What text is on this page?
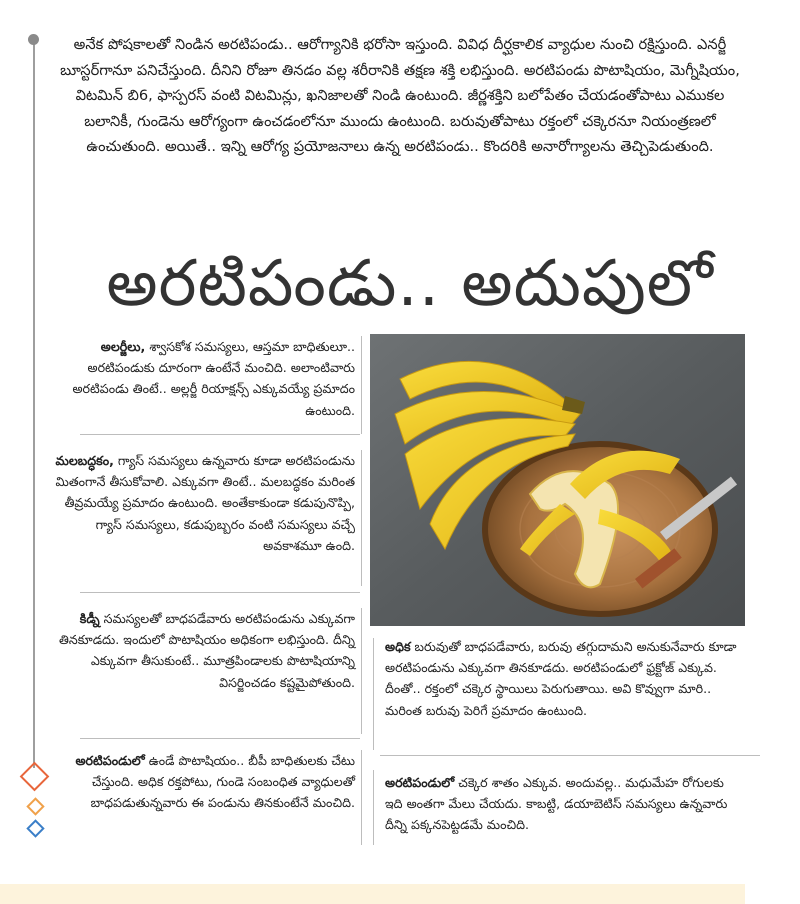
అనేక పోషకాలతో నిండిన అరటిపండు.. ఆరోగ్యానికి భరోసా ఇస్తుంది. వివిధ దీర్ఘకాలిక వ్యాధుల నుంచి రక్షిస్తుంది. ఎనర్జీ బూస్టర్‌గానూ పనిచేస్తుంది. దీనిని రోజూ తినడం వల్ల శరీరానికి తక్షణ శక్తి లభిస్తుంది. అరటిపండు పొటాషియం, మెగ్నీషియం, విటమిన్ బి6, ఫాస్పరస్ వంటి విటమిన్లు, ఖనిజాలతో నిండి ఉంటుంది. జీర్ణశక్తిని బలోపేతం చేయడంతోపాటు ఎముకల బలానికీ, గుండెను ఆరోగ్యంగా ఉంచడంలోనూ ముందు ఉంటుంది. బరువుతోపాటు రక్తంలో చక్కెరనూ నియంత్రణలో ఉంచుతుంది. అయితే.. ఇన్ని ఆరోగ్య ప్రయోజనాలు ఉన్న అరటిపండు.. కొందరికి అనారోగ్యాలను తెచ్చిపెడుతుంది.
అరటిపండు.. అదుపులో
అలర్జీలు, శ్వాసకోశ సమస్యలు, ఆస్తమా బాధితులూ.. అరటిపండుకు దూరంగా ఉంటేనే మంచిది. అలాంటివారు అరటిపండు తింటే.. అల్లర్జీ రియాక్షన్స్ ఎక్కువయ్యే ప్రమాదం ఉంటుంది.
మలబద్ధకం, గ్యాస్ సమస్యలు ఉన్నవారు కూడా అరటిపండును మితంగానే తీసుకోవాలి. ఎక్కువగా తింటే.. మలబద్ధకం మరింత తీవ్రమయ్యే ప్రమాదం ఉంటుంది. అంతేకాకుండా కడుపునొప్పి, గ్యాస్ సమస్యలు, కడుపుబ్బరం వంటి సమస్యలు వచ్చే అవకాశమూ ఉంది.
కిడ్నీ సమస్యలతో బాధపడేవారు అరటిపండును ఎక్కువగా తినకూడదు. ఇందులో పొటాషియం అధికంగా లభిస్తుంది. దీన్ని ఎక్కువగా తీసుకుంటే.. మూత్రపిండాలకు పొటాషియాన్ని విసర్జించడం కష్టమైపోతుంది.
అరటిపండులో ఉండే పొటాషియం.. బీపీ బాధితులకు చేటు చేస్తుంది. అధిక రక్తపోటు, గుండె సంబంధిత వ్యాధులతో బాధపడుతున్నవారు ఈ పండును తినకుంటేనే మంచిది.
అధిక బరువుతో బాధపడేవారు, బరువు తగ్గుదామని అనుకునేవారు కూడా అరటిపండును ఎక్కువగా తినకూడదు. అరటిపండులో ఫ్రక్టోజ్ ఎక్కువ. దీంతో.. రక్తంలో చక్కెర స్థాయిలు పెరుగుతాయి. అవి కొవ్వుగా మారి.. మరింత బరువు పెరిగే ప్రమాదం ఉంటుంది.
అరటిపండులో చక్కెర శాతం ఎక్కువ. అందువల్ల.. మధుమేహ రోగులకు ఇది అంతగా మేలు చేయదు. కాబట్టి, డయాబెటిస్ సమస్యలు ఉన్నవారు దీన్ని పక్కనపెట్టడమే మంచిది.
